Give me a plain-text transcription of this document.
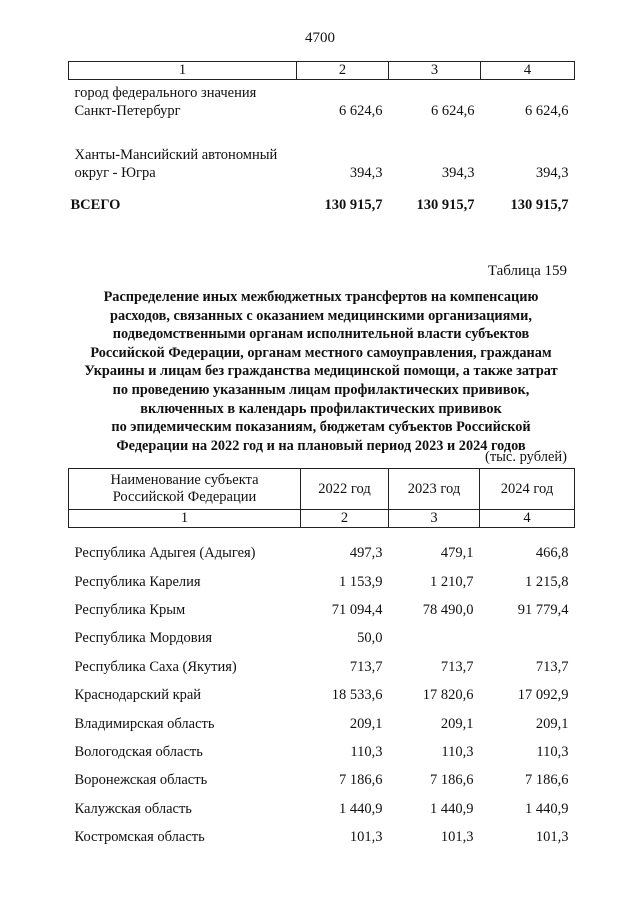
4700
1	2	3	4

город федерального значения
Санкт-Петербург	6 624,6	6 624,6	6 624,6

Ханты-Мансийский автономный
округ - Югра	394,3	394,3	394,3
ВСЕГО	130 915,7	130 915,7	130 915,7
Таблица 159
Распределение иных межбюджетных трансфертов на компенсацию
расходов, связанных с оказанием медицинскими организациями,
подведомственными органам исполнительной власти субъектов
Российской Федерации, органам местного самоуправления, гражданам
Украины и лицам без гражданства медицинской помощи, а также затрат
по проведению указанным лицам профилактических прививок,
включенных в календарь профилактических прививок
по эпидемическим показаниям, бюджетам субъектов Российской
Федерации на 2022 год и на плановый период 2023 и 2024 годов
(тыс. рублей)
Наименование субъекта
Российской Федерации	2022 год	2023 год	2024 год
1	2	3	4
Республика Адыгея (Адыгея)	497,3	479,1	466,8
Республика Карелия	1 153,9	1 210,7	1 215,8
Республика Крым	71 094,4	78 490,0	91 779,4
Республика Мордовия	50,0		
Республика Саха (Якутия)	713,7	713,7	713,7
Краснодарский край	18 533,6	17 820,6	17 092,9
Владимирская область	209,1	209,1	209,1
Вологодская область	110,3	110,3	110,3
Воронежская область	7 186,6	7 186,6	7 186,6
Калужская область	1 440,9	1 440,9	1 440,9
Костромская область	101,3	101,3	101,3
